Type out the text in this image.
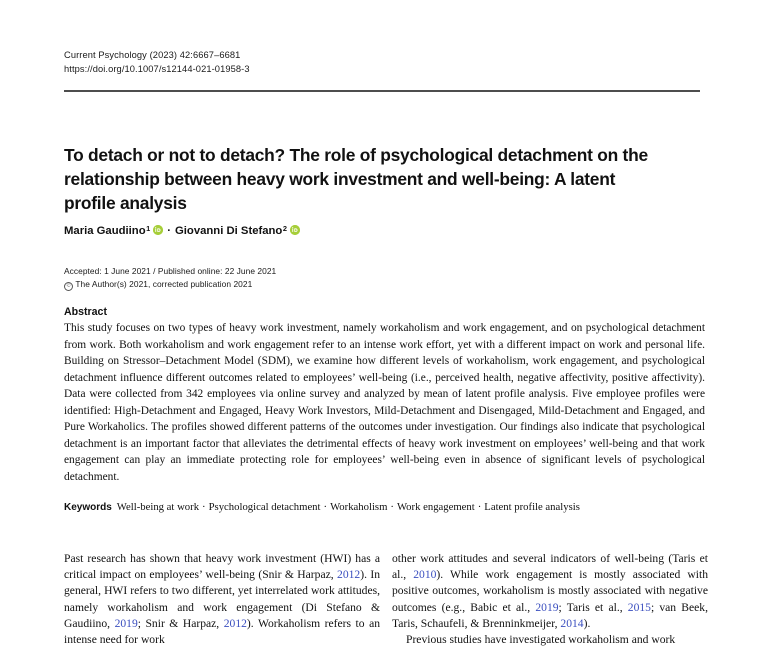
Current Psychology (2023) 42:6667–6681
https://doi.org/10.1007/s12144-021-01958-3
To detach or not to detach? The role of psychological detachment on the relationship between heavy work investment and well-being: A latent profile analysis
Maria Gaudiino 1 · Giovanni Di Stefano 2
Accepted: 1 June 2021 / Published online: 22 June 2021
© The Author(s) 2021, corrected publication 2021
Abstract
This study focuses on two types of heavy work investment, namely workaholism and work engagement, and on psychological detachment from work. Both workaholism and work engagement refer to an intense work effort, yet with a different impact on work and personal life. Building on Stressor–Detachment Model (SDM), we examine how different levels of workaholism, work engagement, and psychological detachment influence different outcomes related to employees’ well-being (i.e., perceived health, negative affectivity, positive affectivity). Data were collected from 342 employees via online survey and analyzed by mean of latent profile analysis. Five employee profiles were identified: High-Detachment and Engaged, Heavy Work Investors, Mild-Detachment and Disengaged, Mild-Detachment and Engaged, and Pure Workaholics. The profiles showed different patterns of the outcomes under investigation. Our findings also indicate that psychological detachment is an important factor that alleviates the detrimental effects of heavy work investment on employees’ well-being and that work engagement can play an immediate protecting role for employees’ well-being even in absence of significant levels of psychological detachment.
Keywords Well-being at work · Psychological detachment · Workaholism · Work engagement · Latent profile analysis

Past research has shown that heavy work investment (HWI) has a critical impact on employees’ well-being (Snir & Harpaz, 2012). In general, HWI refers to two different, yet interrelated work attitudes, namely workaholism and work engagement (Di Stefano & Gaudiino, 2019; Snir & Harpaz, 2012). Workaholism refers to an intense need for work

other work attitudes and several indicators of well-being (Taris et al., 2010). While work engagement is mostly associated with positive outcomes, workaholism is mostly associated with negative outcomes (e.g., Babic et al., 2019; Taris et al., 2015; van Beek, Taris, Schaufeli, & Brenninkmeijer, 2014).

Previous studies have investigated workaholism and work
